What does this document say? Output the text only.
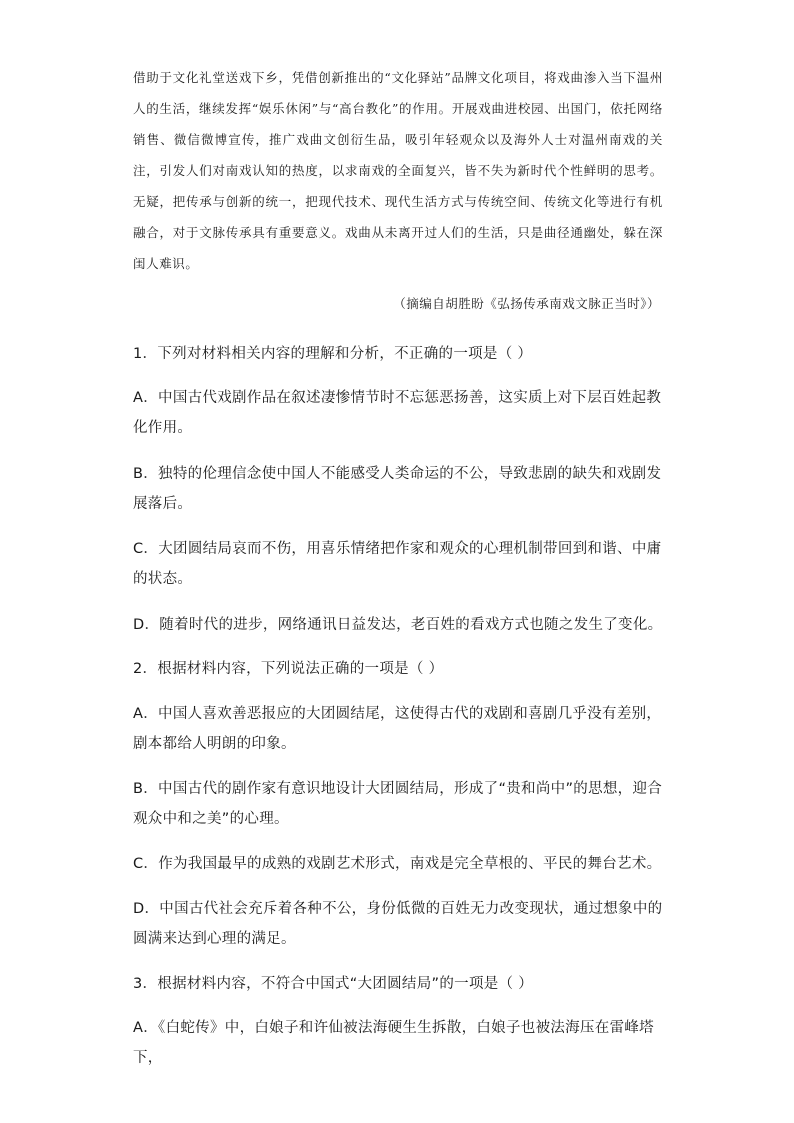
借助于文化礼堂送戏下乡，凭借创新推出的“文化驿站”品牌文化项目，将戏曲渗入当下温州人的生活，继续发挥“娱乐休闲”与“高台教化”的作用。开展戏曲进校园、出国门，依托网络销售、微信微博宣传，推广戏曲文创衍生品，吸引年轻观众以及海外人士对温州南戏的关注，引发人们对南戏认知的热度，以求南戏的全面复兴，皆不失为新时代个性鲜明的思考。无疑，把传承与创新的统一，把现代技术、现代生活方式与传统空间、传统文化等进行有机融合，对于文脉传承具有重要意义。戏曲从未离开过人们的生活，只是曲径通幽处，躲在深闺人难识。

（摘编自胡胜盼《弘扬传承南戏文脉正当时》）

1．下列对材料相关内容的理解和分析，不正确的一项是（ ）

A．中国古代戏剧作品在叙述凄惨情节时不忘惩恶扬善，这实质上对下层百姓起教化作用。

B．独特的伦理信念使中国人不能感受人类命运的不公，导致悲剧的缺失和戏剧发展落后。

C．大团圆结局哀而不伤，用喜乐情绪把作家和观众的心理机制带回到和谐、中庸的状态。

D．随着时代的进步，网络通讯日益发达，老百姓的看戏方式也随之发生了变化。

2．根据材料内容，下列说法正确的一项是（ ）

A．中国人喜欢善恶报应的大团圆结尾，这使得古代的戏剧和喜剧几乎没有差别，剧本都给人明朗的印象。

B．中国古代的剧作家有意识地设计大团圆结局，形成了“贵和尚中”的思想，迎合观众中和之美”的心理。

C．作为我国最早的成熟的戏剧艺术形式，南戏是完全草根的、平民的舞台艺术。

D．中国古代社会充斥着各种不公，身份低微的百姓无力改变现状，通过想象中的圆满来达到心理的满足。

3．根据材料内容，不符合中国式“大团圆结局”的一项是（ ）

A．《白蛇传》中，白娘子和许仙被法海硬生生拆散，白娘子也被法海压在雷峰塔下，
